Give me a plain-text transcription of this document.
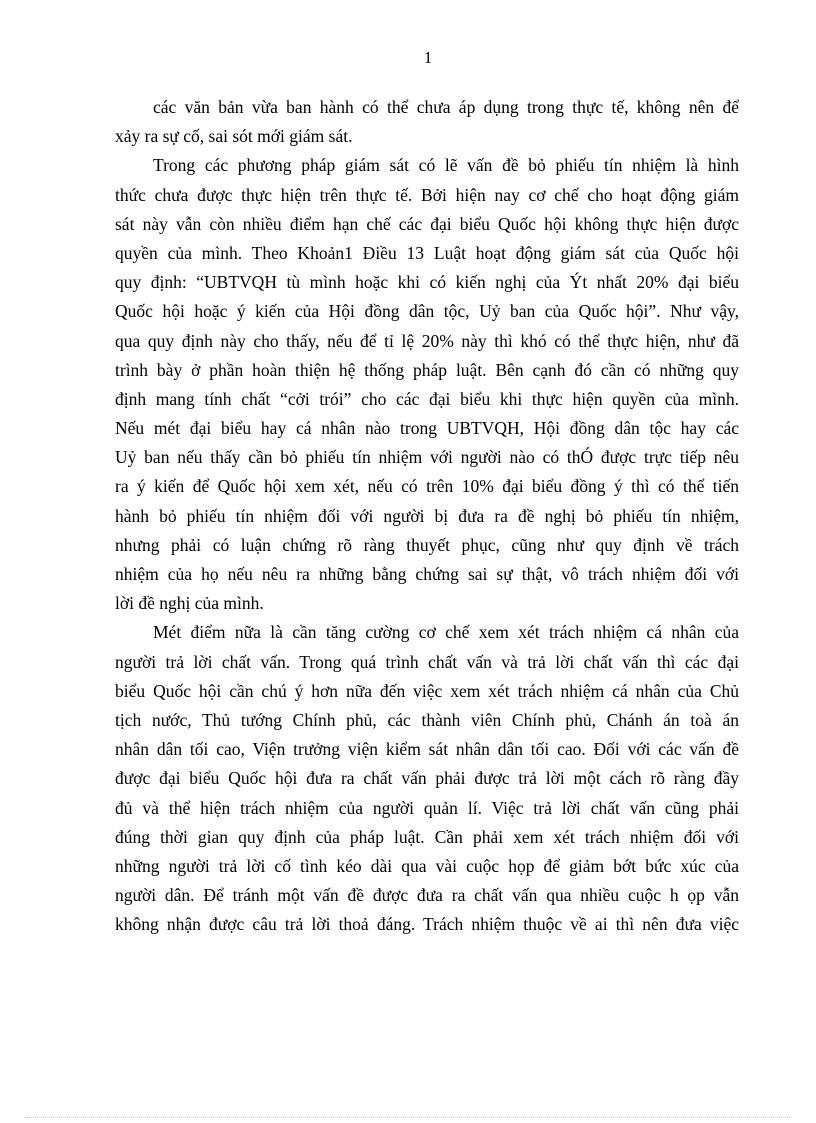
1
các văn bản vừa ban hành có thể chưa áp dụng trong thực tế, không nên để
xảy ra sự cố, sai sót mới giám sát.
Trong các phương pháp giám sát có lẽ vấn đề bỏ phiếu tín nhiệm là hình
thức chưa được thực hiện trên thực tế. Bởi hiện nay cơ chế cho hoạt động giám
sát này vẫn còn nhiều điểm hạn chế các đại biểu Quốc hội không thực hiện được
quyền của mình. Theo Khoản1 Điều 13 Luật hoạt động giám sát của Quốc hội
quy định: “UBTVQH tù mình hoặc khi có kiến nghị của Ýt nhất 20% đại biểu
Quốc hội hoặc ý kiến của Hội đồng dân tộc, Uỷ ban của Quốc hội”. Như vậy,
qua quy định này cho thấy, nếu để tỉ lệ 20% này thì khó có thể thực hiện, như đã
trình bày ở phần hoàn thiện hệ thống pháp luật. Bên cạnh đó cần có những quy
định mang tính chất “cởi trói” cho các đại biểu khi thực hiện quyền của mình.
Nếu mét đại biểu hay cá nhân nào trong UBTVQH, Hội đồng dân tộc hay các
Uỷ ban nếu thấy cần bỏ phiếu tín nhiệm với người nào có thÓ được trực tiếp nêu
ra ý kiến để Quốc hội xem xét, nếu có trên 10% đại biểu đồng ý thì có thể tiến
hành bỏ phiếu tín nhiệm đối với người bị đưa ra đề nghị bỏ phiếu tín nhiệm,
nhưng phải có luận chứng rõ ràng thuyết phục, cũng như quy định về trách
nhiệm của họ nếu nêu ra những bằng chứng sai sự thật, vô trách nhiệm đối với
lời đề nghị của mình.
Mét điểm nữa là cần tăng cường cơ chế xem xét trách nhiệm cá nhân của
người trả lời chất vấn. Trong quá trình chất vấn và trả lời chất vấn thì các đại
biểu Quốc hội cần chú ý hơn nữa đến việc xem xét trách nhiệm cá nhân của Chủ
tịch nước, Thủ tướng Chính phủ, các thành viên Chính phủ, Chánh án toà án
nhân dân tối cao, Viện trưởng viện kiểm sát nhân dân tối cao. Đối với các vấn đề
được đại biểu Quốc hội đưa ra chất vấn phải được trả lời một cách rõ ràng đầy
đủ và thể hiện trách nhiệm của người quản lí. Việc trả lời chất vấn cũng phải
đúng thời gian quy định của pháp luật. Cần phải xem xét trách nhiệm đối với
những người trả lời cố tình kéo dài qua vài cuộc họp để giảm bớt bức xúc của
người dân. Để tránh một vấn đề được đưa ra chất vấn qua nhiều cuộc h ọp vẫn
không nhận được câu trả lời thoả đáng. Trách nhiệm thuộc về ai thì nên đưa việc
